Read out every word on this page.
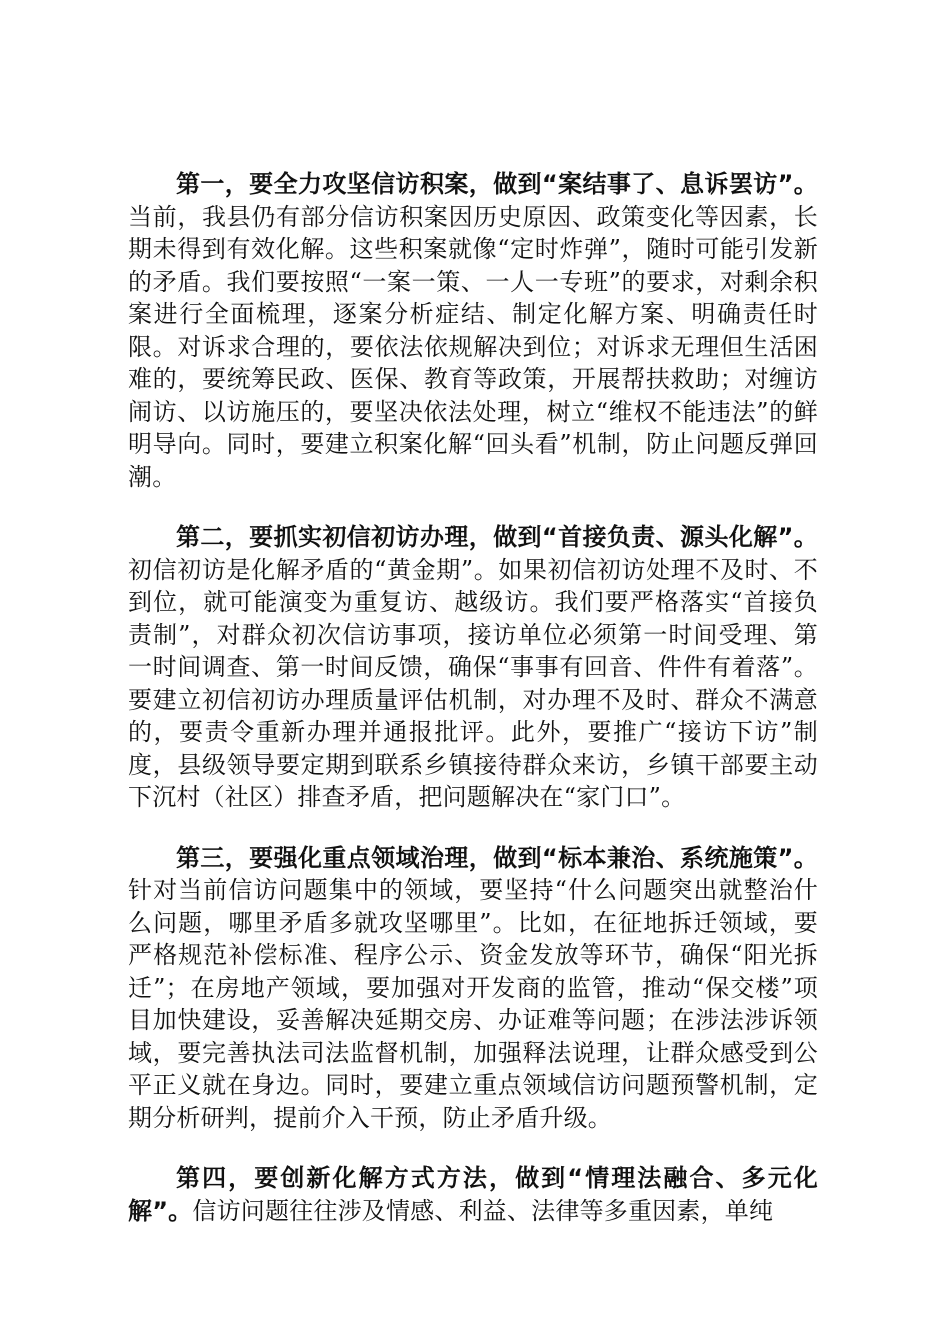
第一，要全力攻坚信访积案，做到“案结事了、息诉罢访”。当前，我县仍有部分信访积案因历史原因、政策变化等因素，长期未得到有效化解。这些积案就像“定时炸弹”，随时可能引发新的矛盾。我们要按照“一案一策、一人一专班”的要求，对剩余积案进行全面梳理，逐案分析症结、制定化解方案、明确责任时限。对诉求合理的，要依法依规解决到位；对诉求无理但生活困难的，要统筹民政、医保、教育等政策，开展帮扶救助；对缠访闹访、以访施压的，要坚决依法处理，树立“维权不能违法”的鲜明导向。同时，要建立积案化解“回头看”机制，防止问题反弹回潮。

第二，要抓实初信初访办理，做到“首接负责、源头化解”。初信初访是化解矛盾的“黄金期”。如果初信初访处理不及时、不到位，就可能演变为重复访、越级访。我们要严格落实“首接负责制”，对群众初次信访事项，接访单位必须第一时间受理、第一时间调查、第一时间反馈，确保“事事有回音、件件有着落”。要建立初信初访办理质量评估机制，对办理不及时、群众不满意的，要责令重新办理并通报批评。此外，要推广“接访下访”制度，县级领导要定期到联系乡镇接待群众来访，乡镇干部要主动下沉村（社区）排查矛盾，把问题解决在“家门口”。

第三，要强化重点领域治理，做到“标本兼治、系统施策”。针对当前信访问题集中的领域，要坚持“什么问题突出就整治什么问题，哪里矛盾多就攻坚哪里”。比如，在征地拆迁领域，要严格规范补偿标准、程序公示、资金发放等环节，确保“阳光拆迁”；在房地产领域，要加强对开发商的监管，推动“保交楼”项目加快建设，妥善解决延期交房、办证难等问题；在涉法涉诉领域，要完善执法司法监督机制，加强释法说理，让群众感受到公平正义就在身边。同时，要建立重点领域信访问题预警机制，定期分析研判，提前介入干预，防止矛盾升级。

第四，要创新化解方式方法，做到“情理法融合、多元化解”。信访问题往往涉及情感、利益、法律等多重因素，单纯
